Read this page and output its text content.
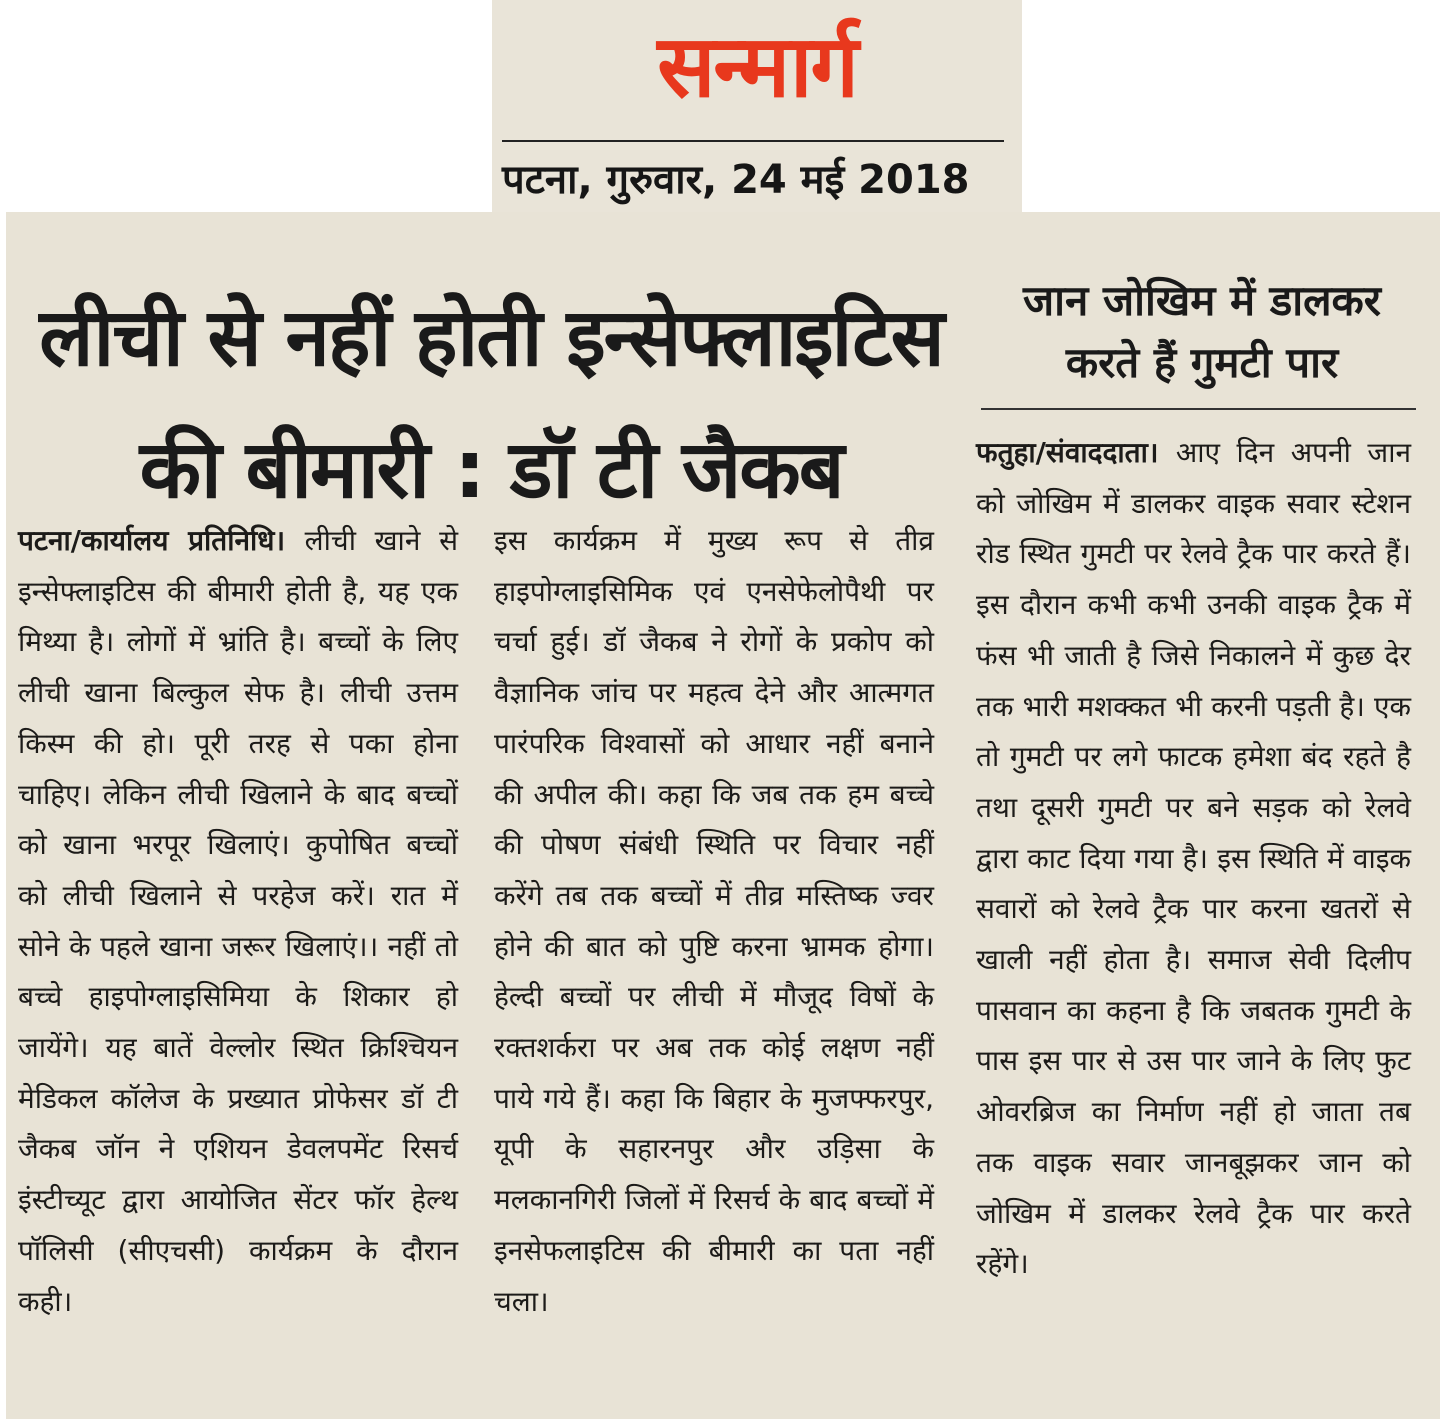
सन्मार्ग
पटना, गुरुवार, 24 मई 2018
लीची से नहीं होती इन्सेफ्लाइटिस की बीमारी : डॉ टी जैकब
जान जोखिम में डालकर करते हैं गुमटी पार
पटना/कार्यालय प्रतिनिधि। लीची खाने से इन्सेफ्लाइटिस की बीमारी होती है, यह एक मिथ्या है। लोगों में भ्रांति है। बच्चों के लिए लीची खाना बिल्कुल सेफ है। लीची उत्तम किस्म की हो। पूरी तरह से पका होना चाहिए। लेकिन लीची खिलाने के बाद बच्चों को खाना भरपूर खिलाएं। कुपोषित बच्चों को लीची खिलाने से परहेज करें। रात में सोने के पहले खाना जरूर खिलाएं।। नहीं तो बच्चे हाइपोग्लाइसिमिया के शिकार हो जायेंगे। यह बातें वेल्लोर स्थित क्रिश्चियन मेडिकल कॉलेज के प्रख्यात प्रोफेसर डॉ टी जैकब जॉन ने एशियन डेवलपमेंट रिसर्च इंस्टीच्यूट द्वारा आयोजित सेंटर फॉर हेल्थ पॉलिसी (सीएचसी) कार्यक्रम के दौरान कही।
इस कार्यक्रम में मुख्य रूप से तीव्र हाइपोग्लाइसिमिक एवं एनसेफेलोपैथी पर चर्चा हुई। डॉ जैकब ने रोगों के प्रकोप को वैज्ञानिक जांच पर महत्व देने और आत्मगत पारंपरिक विश्वासों को आधार नहीं बनाने की अपील की। कहा कि जब तक हम बच्चे की पोषण संबंधी स्थिति पर विचार नहीं करेंगे तब तक बच्चों में तीव्र मस्तिष्क ज्वर होने की बात को पुष्टि करना भ्रामक होगा। हेल्दी बच्चों पर लीची में मौजूद विषों के रक्तशर्करा पर अब तक कोई लक्षण नहीं पाये गये हैं। कहा कि बिहार के मुजफ्फरपुर, यूपी के सहारनपुर और उड़िसा के मलकानगिरी जिलों में रिसर्च के बाद बच्चों में इनसेफलाइटिस की बीमारी का पता नहीं चला।
फतुहा/संवाददाता। आए दिन अपनी जान को जोखिम में डालकर वाइक सवार स्टेशन रोड स्थित गुमटी पर रेलवे ट्रैक पार करते हैं। इस दौरान कभी कभी उनकी वाइक ट्रैक में फंस भी जाती है जिसे निकालने में कुछ देर तक भारी मशक्कत भी करनी पड़ती है। एक तो गुमटी पर लगे फाटक हमेशा बंद रहते है तथा दूसरी गुमटी पर बने सड़क को रेलवे द्वारा काट दिया गया है। इस स्थिति में वाइक सवारों को रेलवे ट्रैक पार करना खतरों से खाली नहीं होता है। समाज सेवी दिलीप पासवान का कहना है कि जबतक गुमटी के पास इस पार से उस पार जाने के लिए फुट ओवरब्रिज का निर्माण नहीं हो जाता तब तक वाइक सवार जानबूझकर जान को जोखिम में डालकर रेलवे ट्रैक पार करते रहेंगे।
